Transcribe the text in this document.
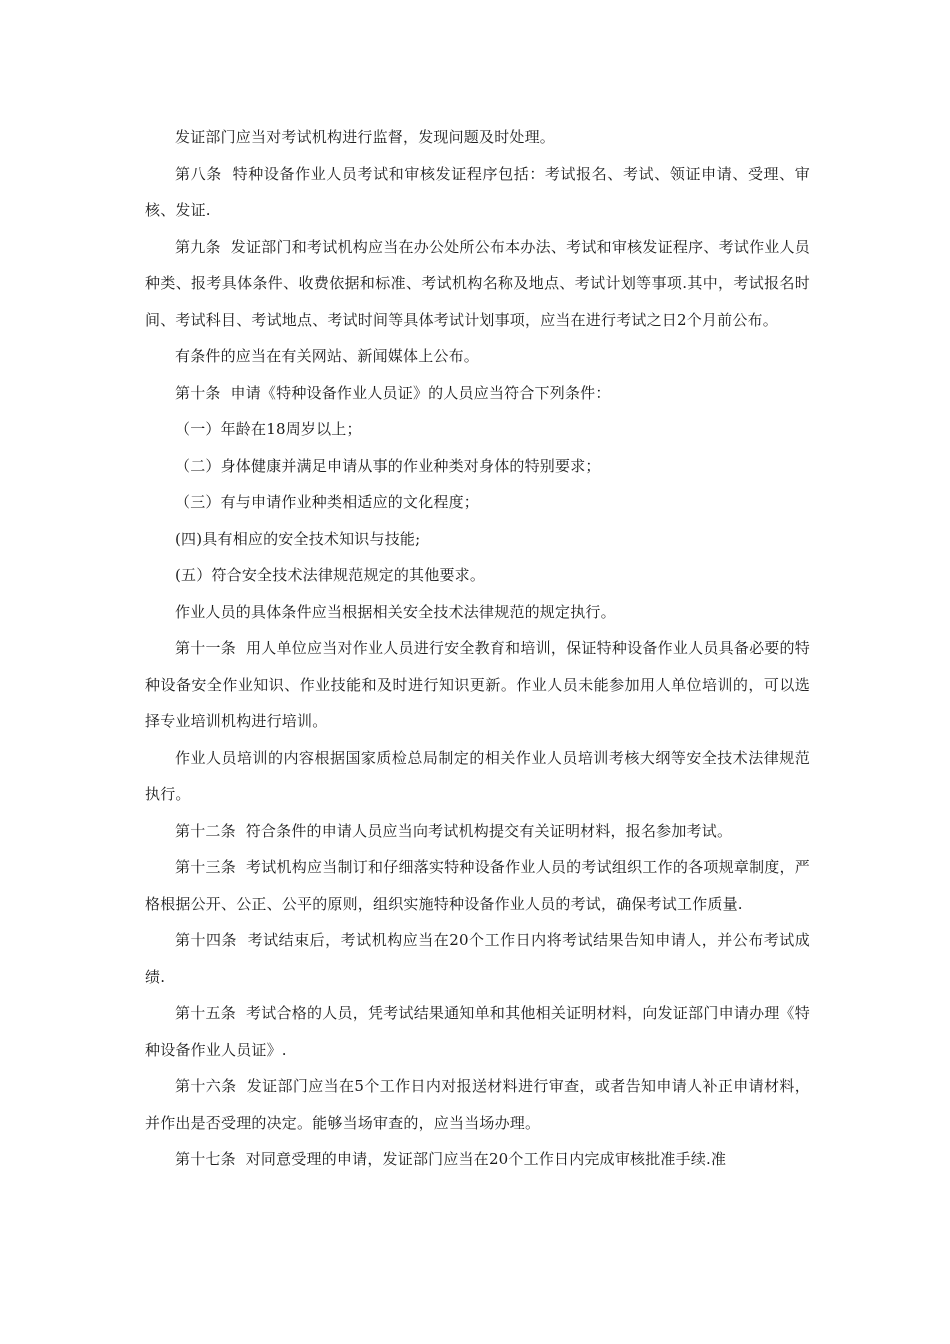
发证部门应当对考试机构进行监督，发现问题及时处理。

第八条  特种设备作业人员考试和审核发证程序包括：考试报名、考试、领证申请、受理、审核、发证.

第九条  发证部门和考试机构应当在办公处所公布本办法、考试和审核发证程序、考试作业人员种类、报考具体条件、收费依据和标准、考试机构名称及地点、考试计划等事项.其中，考试报名时间、考试科目、考试地点、考试时间等具体考试计划事项，应当在进行考试之日2个月前公布。

有条件的应当在有关网站、新闻媒体上公布。

第十条  申请《特种设备作业人员证》的人员应当符合下列条件：

（一）年龄在18周岁以上；

（二）身体健康并满足申请从事的作业种类对身体的特别要求；

（三）有与申请作业种类相适应的文化程度；

(四)具有相应的安全技术知识与技能;

(五）符合安全技术法律规范规定的其他要求。

作业人员的具体条件应当根据相关安全技术法律规范的规定执行。

第十一条  用人单位应当对作业人员进行安全教育和培训，保证特种设备作业人员具备必要的特种设备安全作业知识、作业技能和及时进行知识更新。作业人员未能参加用人单位培训的，可以选择专业培训机构进行培训。

作业人员培训的内容根据国家质检总局制定的相关作业人员培训考核大纲等安全技术法律规范执行。

第十二条  符合条件的申请人员应当向考试机构提交有关证明材料，报名参加考试。

第十三条  考试机构应当制订和仔细落实特种设备作业人员的考试组织工作的各项规章制度，严格根据公开、公正、公平的原则，组织实施特种设备作业人员的考试，确保考试工作质量.

第十四条  考试结束后，考试机构应当在20个工作日内将考试结果告知申请人，并公布考试成绩.

第十五条  考试合格的人员，凭考试结果通知单和其他相关证明材料，向发证部门申请办理《特种设备作业人员证》.

第十六条  发证部门应当在5个工作日内对报送材料进行审查，或者告知申请人补正申请材料，并作出是否受理的决定。能够当场审查的，应当当场办理。

第十七条  对同意受理的申请，发证部门应当在20个工作日内完成审核批准手续.准
